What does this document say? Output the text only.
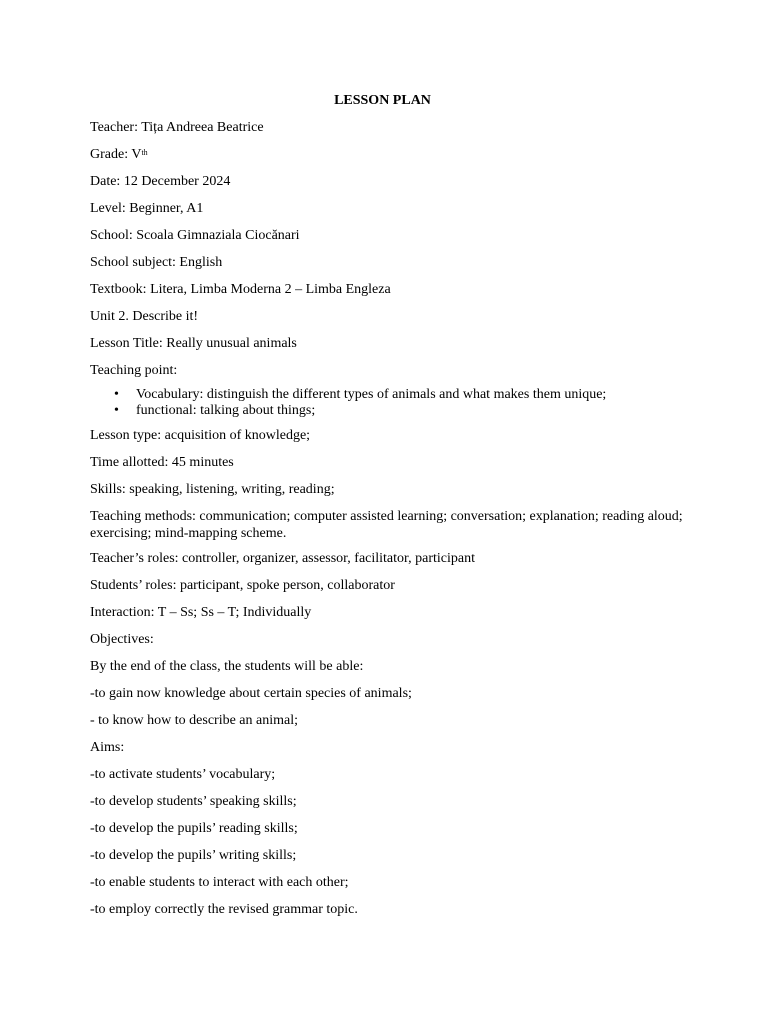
LESSON PLAN
Teacher: Tița Andreea Beatrice
Grade: Vth
Date: 12 December 2024
Level: Beginner, A1
School: Scoala Gimnaziala Ciocănari
School subject: English
Textbook: Litera, Limba Moderna 2 – Limba Engleza
Unit 2. Describe it!
Lesson Title: Really unusual animals
Teaching point:
• Vocabulary: distinguish the different types of animals and what makes them unique;
• functional: talking about things;
Lesson type: acquisition of knowledge;
Time allotted: 45 minutes
Skills: speaking, listening, writing, reading;
Teaching methods: communication; computer assisted learning; conversation; explanation; reading aloud; exercising; mind-mapping scheme.
Teacher’s roles: controller, organizer, assessor, facilitator, participant
Students’ roles: participant, spoke person, collaborator
Interaction: T – Ss; Ss – T; Individually
Objectives:
By the end of the class, the students will be able:
-to gain now knowledge about certain species of animals;
- to know how to describe an animal;
Aims:
-to activate students’ vocabulary;
-to develop students’ speaking skills;
-to develop the pupils’ reading skills;
-to develop the pupils’ writing skills;
-to enable students to interact with each other;
-to employ correctly the revised grammar topic.
